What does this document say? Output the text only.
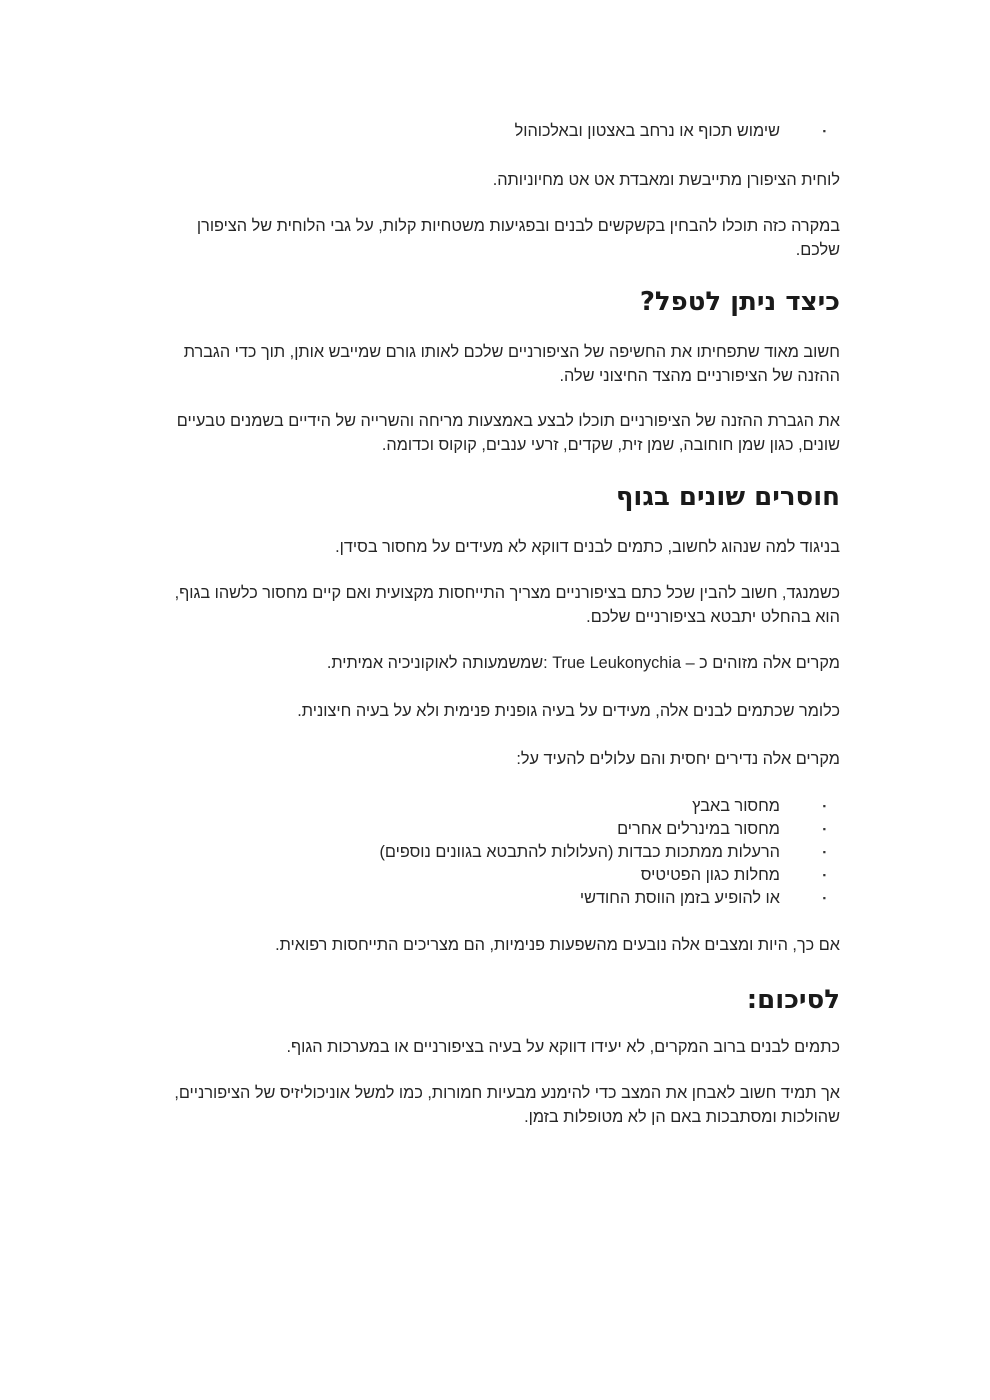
▪
שימוש תכוף או נרחב באצטון ובאלכוהול

לוחית הציפורן מתייבשת ומאבדת אט אט מחיוניותה.

במקרה כזה תוכלו להבחין בקשקשים לבנים ובפגיעות משטחיות קלות, על גבי הלוחית של הציפורן שלכם.

כיצד ניתן לטפל?

חשוב מאוד שתפחיתו את החשיפה של הציפורניים שלכם לאותו גורם שמייבש אותן, תוך כדי הגברת ההזנה של הציפורניים מהצד החיצוני שלה.

את הגברת ההזנה של הציפורניים תוכלו לבצע באמצעות מריחה והשרייה של הידיים בשמנים טבעיים שונים, כגון שמן חוחובה, שמן זית, שקדים, זרעי ענבים, קוקוס וכדומה.

חוסרים שונים בגוף

בניגוד למה שנהוג לחשוב, כתמים לבנים דווקא לא מעידים על מחסור בסידן.

כשמנגד, חשוב להבין שכל כתם בציפורניים מצריך התייחסות מקצועית ואם קיים מחסור כלשהו בגוף, הוא בהחלט יתבטא בציפורניים שלכם.

מקרים אלה מזוהים כ – True Leukonychia :שמשמעותה לאוקוניכיה אמיתית.

כלומר שכתמים לבנים אלה, מעידים על בעיה גופנית פנימית ולא על בעיה חיצונית.

מקרים אלה נדירים יחסית והם עלולים להעיד על:

▪
מחסור באבץ
▪
מחסור במינרלים אחרים
▪
הרעלות ממתכות כבדות (העלולות להתבטא בגוונים נוספים)
▪
מחלות כגון הפטיטיס
▪
או להופיע בזמן הווסת החודשי

אם כך, היות ומצבים אלה נובעים מהשפעות פנימיות, הם מצריכים התייחסות רפואית.

לסיכום:

כתמים לבנים ברוב המקרים, לא יעידו דווקא על בעיה בציפורניים או במערכות הגוף.

אך תמיד חשוב לאבחן את המצב כדי להימנע מבעיות חמורות, כמו למשל אוניכוליזיס של הציפורניים, שהולכות ומסתבכות באם הן לא מטופלות בזמן.
